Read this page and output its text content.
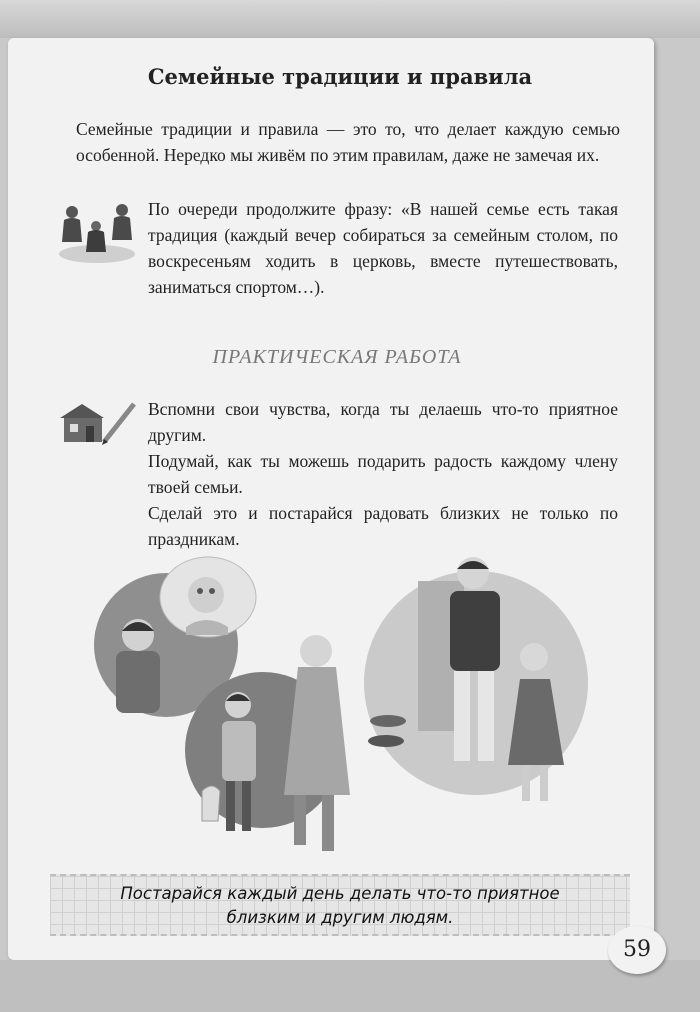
Семейные традиции и правила

Семейные традиции и правила — это то, что делает каждую семью особенной. Нередко мы живём по этим правилам, даже не замечая их.

По очереди продолжите фразу: «В нашей семье есть такая традиция (каждый вечер собираться за семейным столом, по воскресеньям ходить в церковь, вместе путешествовать, заниматься спортом…).

ПРАКТИЧЕСКАЯ РАБОТА

Вспомни свои чувства, когда ты делаешь что-то приятное другим.

Подумай, как ты можешь подарить радость каждому члену твоей семьи.

Сделай это и постарайся радовать близких не только по праздникам.

Постарайся каждый день делать что-то приятное
близким и другим людям.
59
